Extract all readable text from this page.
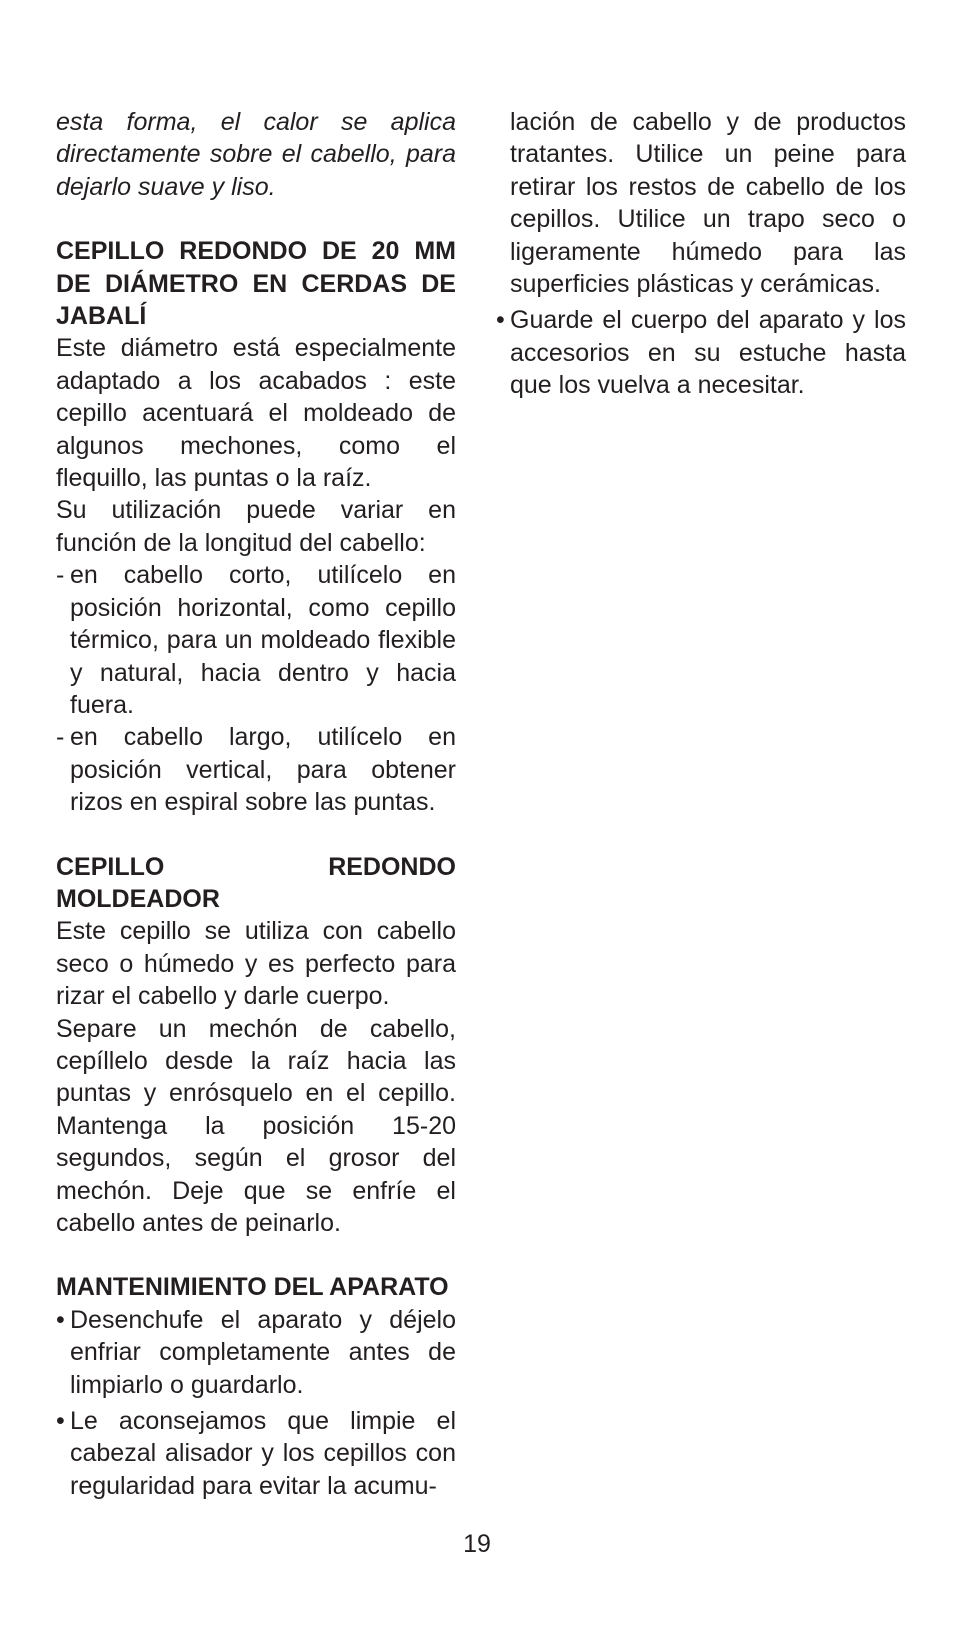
esta forma, el calor se aplica directamente sobre el cabello, para dejarlo suave y liso.

CEPILLO REDONDO DE 20 MM DE DIÁMETRO EN CERDAS DE JABALÍ

Este diámetro está especialmente adaptado a los acabados : este cepillo acentuará el moldeado de algunos mechones, como el flequillo, las puntas o la raíz.

Su utilización puede variar en función de la longitud del cabello:

- en cabello corto, utilícelo en posición horizontal, como cepillo térmico, para un moldeado flexible y natural, hacia dentro y hacia fuera.
- en cabello largo, utilícelo en posición vertical, para obtener rizos en espiral sobre las puntas.
CEPILLO REDONDO MOLDEADOR

Este cepillo se utiliza con cabello seco o húmedo y es perfecto para rizar el cabello y darle cuerpo.

Separe un mechón de cabello, cepíllelo desde la raíz hacia las puntas y enrósquelo en el cepillo. Mantenga la posición 15-20 segundos, según el grosor del mechón. Deje que se enfríe el cabello antes de peinarlo.

MANTENIMIENTO DEL APARATO
• Desenchufe el aparato y déjelo enfriar completamente antes de limpiarlo o guardarlo.
• Le aconsejamos que limpie el cabezal alisador y los cepillos con regularidad para evitar la acumu-
lación de cabello y de productos tratantes. Utilice un peine para retirar los restos de cabello de los cepillos. Utilice un trapo seco o ligeramente húmedo para las superficies plásticas y cerámicas.
• Guarde el cuerpo del aparato y los accesorios en su estuche hasta que los vuelva a necesitar.
19
